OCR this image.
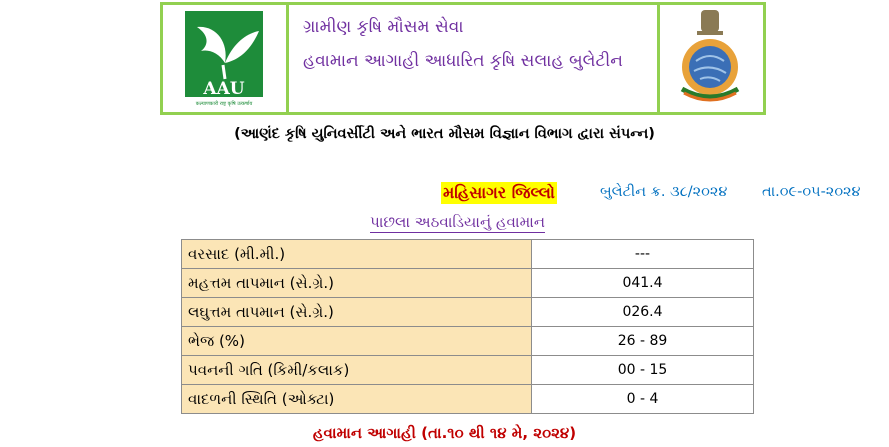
AAU
कल्याणकारी राष्ट्र कृषि उत्कर्षाय
ગ્રામીણ કૃષિ મૌસમ સેવા
હવામાન આગાહી આધારિત કૃષિ સલાહ બુલેટીન
(આણંદ કૃષિ યુનિવર્સીટી અને ભારત મૌસમ વિજ્ઞાન વિભાગ દ્વારા સંપન્ન)
મહિસાગર જિલ્લો	બુલેટીન ક્ર. ૩૮/૨૦૨૪ તા.૦૯-૦૫-૨૦૨૪
પાછલા અઠવાડિયાનું હવામાન
વરસાદ (મી.મી.)	---
મહત્તમ તાપમાન (સે.ગ્રે.)	041.4
લઘુત્તમ તાપમાન (સે.ગ્રે.)	026.4
ભેજ (%)	26 - 89
પવનની ગતિ (કિમી/કલાક)	00 - 15
વાદળની સ્થિતિ (ઓક્ટા)	0 - 4
હવામાન આગાહી (તા.૧૦ થી ૧૪ મે, ૨૦૨૪)
